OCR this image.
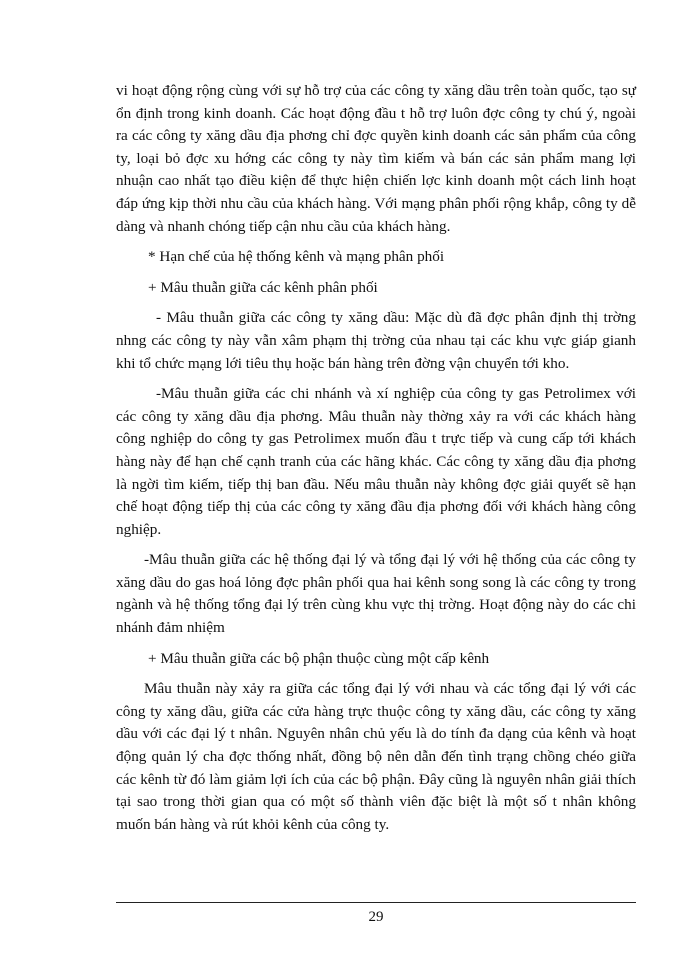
vi hoạt động rộng cùng với sự hỗ trợ của các công ty xăng dầu trên toàn quốc, tạo sự ổn định trong kinh doanh. Các hoạt động đầu t hỗ trợ luôn đợc công ty chú ý, ngoài ra các công ty xăng dầu địa phơng chỉ đợc quyền kinh doanh các sản phẩm của công ty, loại bỏ đợc xu hớng các công ty này tìm kiếm và bán các sản phẩm mang lợi nhuận cao nhất tạo điều kiện để thực hiện chiến lợc kinh doanh một cách linh hoạt đáp ứng kịp thời nhu cầu của khách hàng. Với mạng phân phối rộng khắp, công ty dễ dàng và nhanh chóng tiếp cận nhu cầu của khách hàng.

* Hạn chế của hệ thống kênh và mạng phân phối

+ Mâu thuẫn giữa các kênh phân phối

- Mâu thuẫn giữa các công ty xăng dầu: Mặc dù đã đợc phân định thị trờng nhng các công ty này vẫn xâm phạm thị trờng của nhau tại các khu vực giáp gianh khi tổ chức mạng lới tiêu thụ hoặc bán hàng trên đờng vận chuyển tới kho.

-Mâu thuẫn giữa các chi nhánh và xí nghiệp của công ty gas Petrolimex với các công ty xăng dầu địa phơng. Mâu thuẫn này thờng xảy ra với các khách hàng công nghiệp do công ty gas Petrolimex muốn đầu t trực tiếp và cung cấp tới khách hàng này để hạn chế cạnh tranh của các hãng khác. Các công ty xăng dầu địa phơng là ngời tìm kiếm, tiếp thị ban đầu. Nếu mâu thuẫn này không đợc giải quyết sẽ hạn chế hoạt động tiếp thị của các công ty xăng đầu địa phơng đối với khách hàng công nghiệp.

-Mâu thuẫn giữa các hệ thống đại lý và tổng đại lý với hệ thống của các công ty xăng dầu do gas hoá lỏng đợc phân phối qua hai kênh song song là các công ty trong ngành và hệ thống tổng đại lý trên cùng khu vực thị trờng. Hoạt động này do các chi nhánh đảm nhiệm

+ Mâu thuẫn giữa các bộ phận thuộc cùng một cấp kênh

Mâu thuẫn này xảy ra giữa các tổng đại lý với nhau và các tổng đại lý với các công ty xăng dầu, giữa các cửa hàng trực thuộc công ty xăng dầu, các công ty xăng dầu với các đại lý t nhân. Nguyên nhân chủ yếu là do tính đa dạng của kênh và hoạt động quản lý cha đợc thống nhất, đồng bộ nên dẫn đến tình trạng chồng chéo giữa các kênh từ đó làm giảm lợi ích của các bộ phận. Đây cũng là nguyên nhân giải thích tại sao trong thời gian qua có một số thành viên đặc biệt là một số t nhân không muốn bán hàng và rút khỏi kênh của công ty.

29
